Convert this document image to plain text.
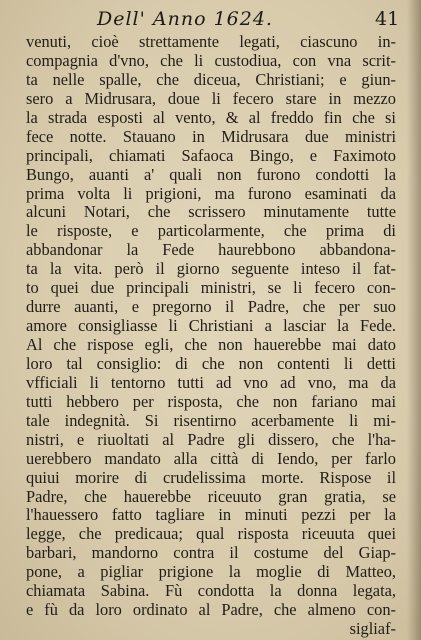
Dell' Anno 1624.	41
venuti, cioè strettamente legati, ciascuno in-
compagnia d'vno, che li custodiua, con vna scrit-
ta nelle spalle, che diceua, Christiani; e giun-
sero a Midrusara, doue li fecero stare in mezzo
la strada esposti al vento, & al freddo fin che si
fece notte. Stauano in Midrusara due ministri
principali, chiamati Safaoca Bingo, e Faximoto
Bungo, auanti a' quali non furono condotti la
prima volta li prigioni, ma furono esaminati da
alcuni Notari, che scrissero minutamente tutte
le risposte, e particolarmente, che prima di
abbandonar la Fede haurebbono abbandona-
ta la vita. però il giorno seguente inteso il fat-
to quei due principali ministri, se li fecero con-
durre auanti, e pregorno il Padre, che per suo
amore consigliasse li Christiani a lasciar la Fede.
Al che rispose egli, che non hauerebbe mai dato
loro tal consiglio: di che non contenti li detti
vfficiali li tentorno tutti ad vno ad vno, ma da
tutti hebbero per risposta, che non fariano mai
tale indegnità. Si risentirno acerbamente li mi-
nistri, e riuoltati al Padre gli dissero, che l'ha-
uerebbero mandato alla città di Iendo, per farlo
quiui morire di crudelissima morte. Rispose il
Padre, che hauerebbe riceuuto gran gratia, se
l'hauessero fatto tagliare in minuti pezzi per la
legge, che predicaua; qual risposta riceuuta quei
barbari, mandorno contra il costume del Giap-
pone, a pigliar prigione la moglie di Matteo,
chiamata Sabina. Fù condotta la donna legata,
e fù da loro ordinato al Padre, che almeno con-
sigliaf-
